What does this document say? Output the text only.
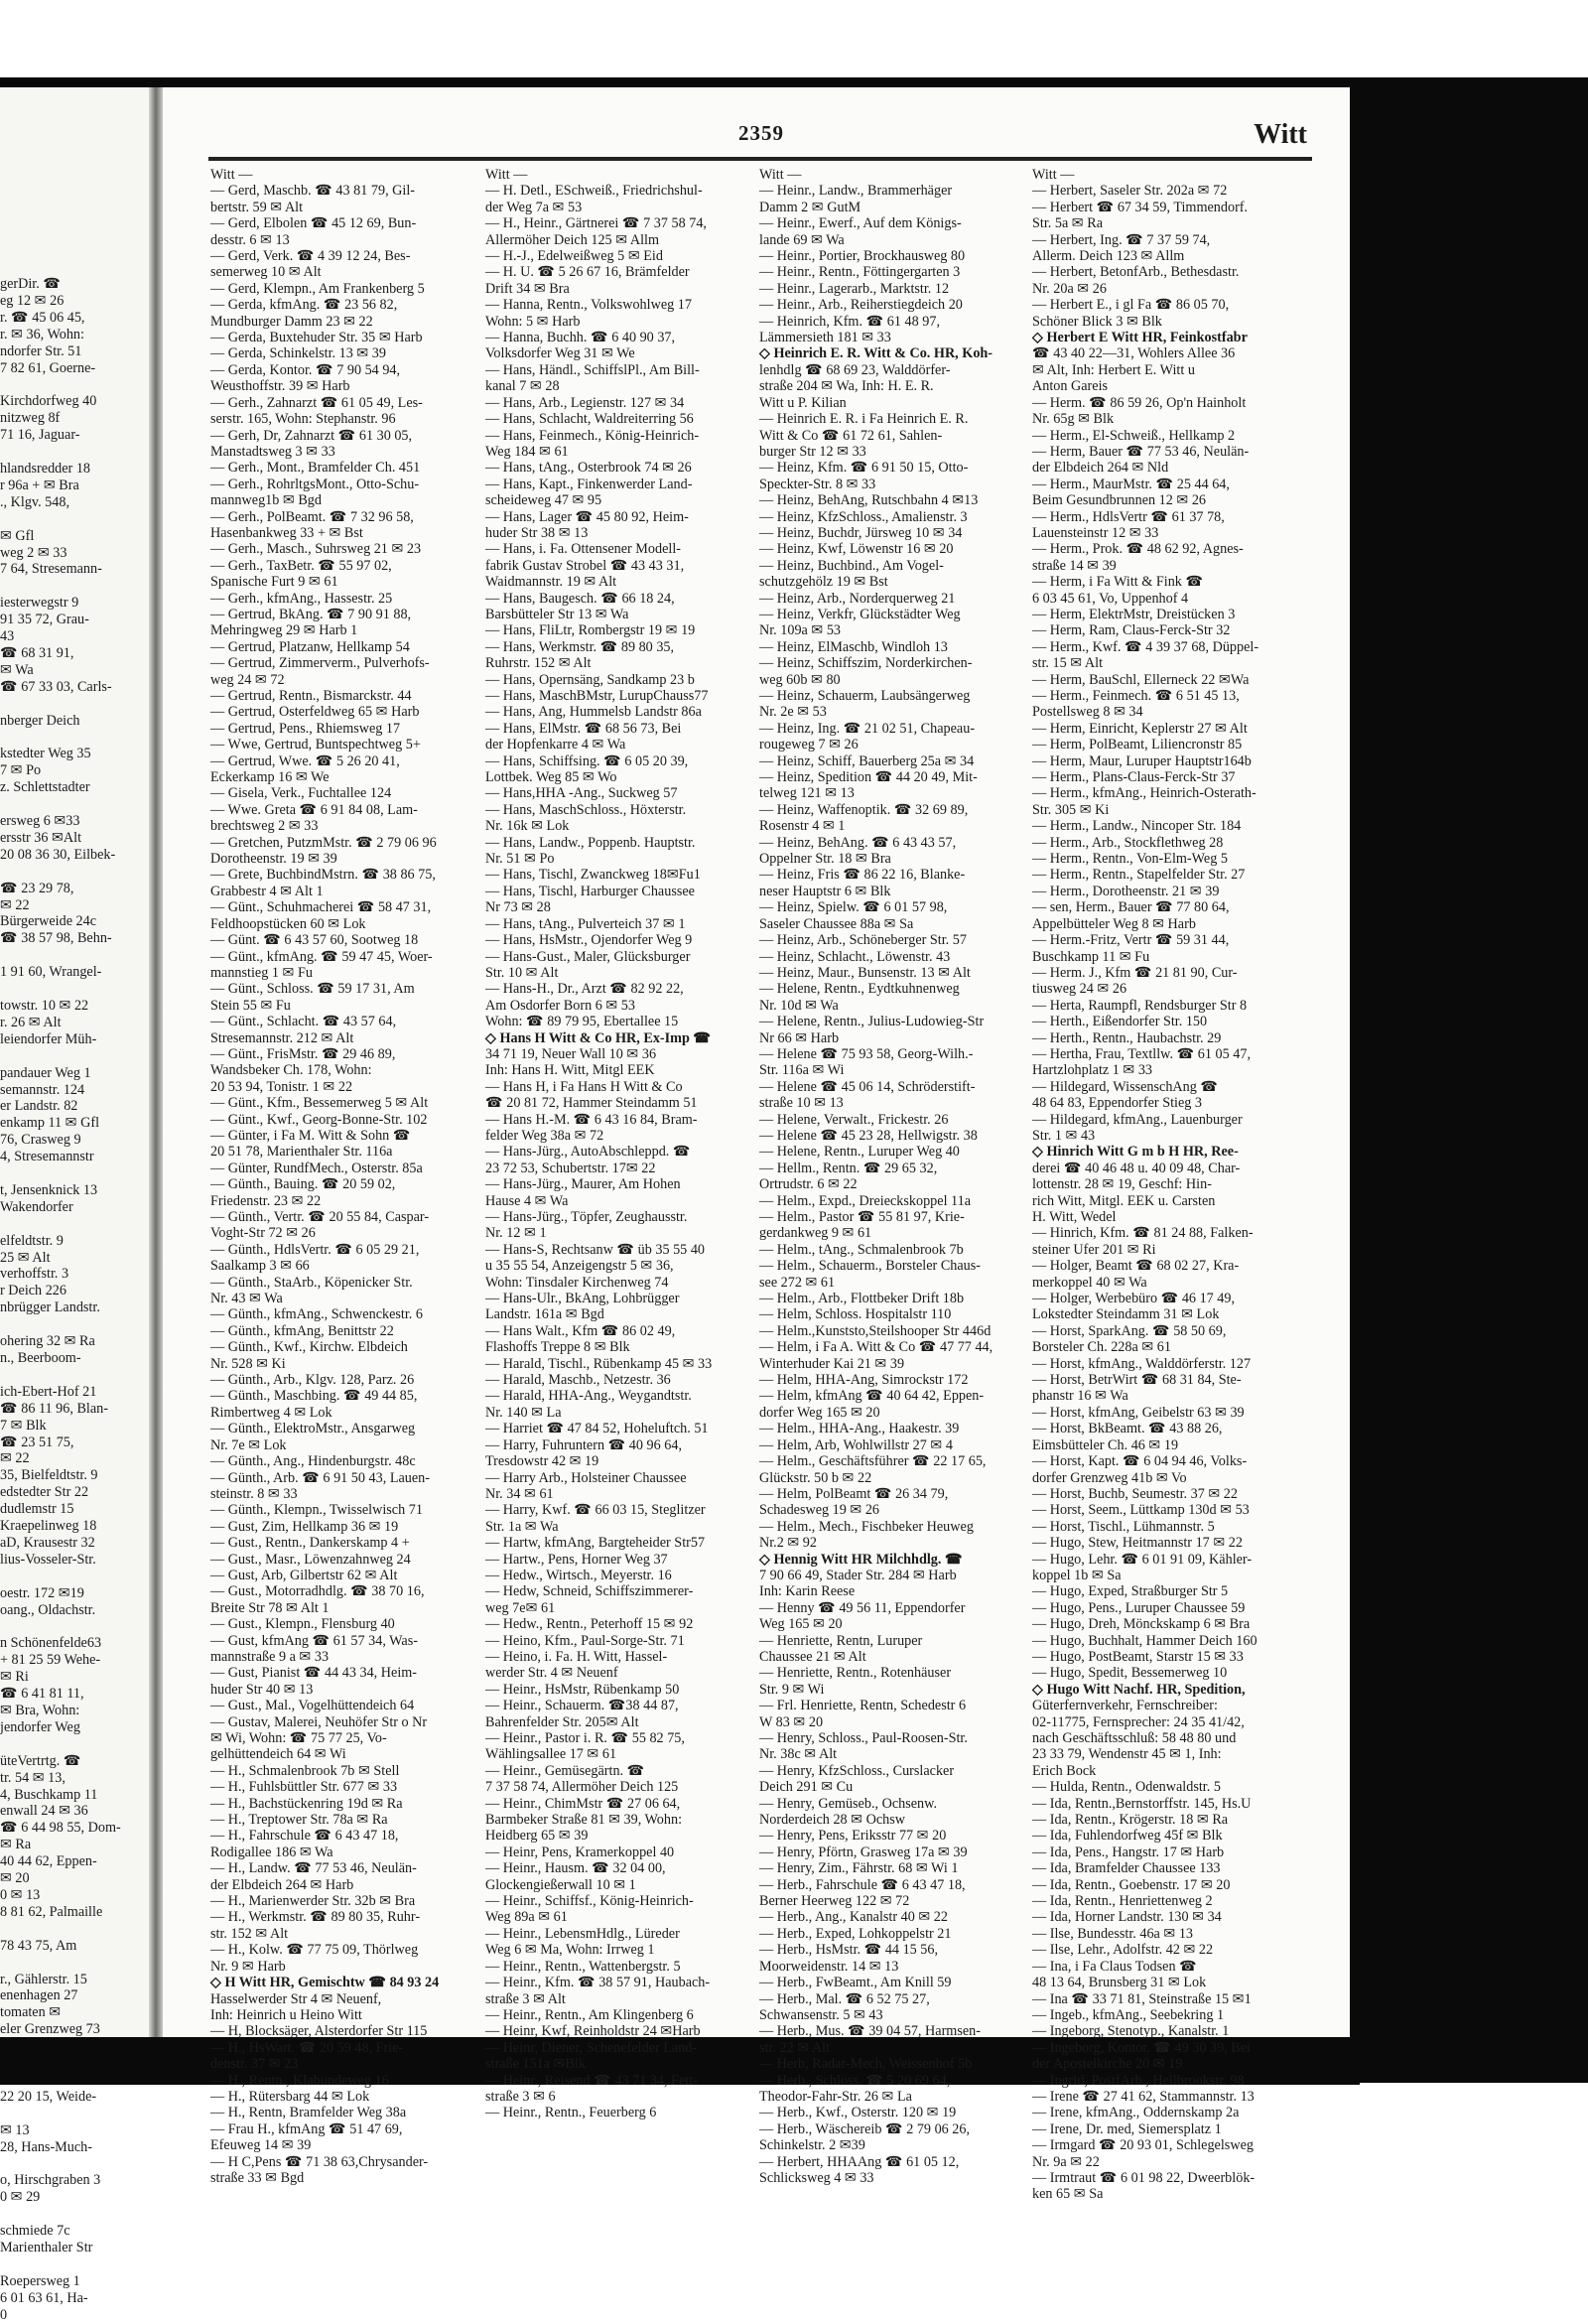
gerDir. ☎
eg 12 ✉ 26
r. ☎ 45 06 45,
r. ✉ 36, Wohn:
ndorfer Str. 51
7 82 61, Goerne-

Kirchdorfweg 40
nitzweg 8f
71 16, Jaguar-

hlandsredder 18
r 96a + ✉ Bra
., Klgv. 548,

✉ Gfl
weg 2 ✉ 33
7 64, Stresemann-

iesterwegstr 9
91 35 72, Grau-
43
☎ 68 31 91,
✉ Wa
☎ 67 33 03, Carls-

nberger Deich

kstedter Weg 35
7 ✉ Po
z. Schlettstadter

ersweg 6 ✉33
ersstr 36 ✉Alt
20 08 36 30, Eilbek-

☎ 23 29 78,
✉ 22
Bürgerweide 24c
☎ 38 57 98, Behn-

1 91 60, Wrangel-

towstr. 10 ✉ 22
r. 26 ✉ Alt
leiendorfer Müh-

pandauer Weg 1
semannstr. 124
er Landstr. 82
enkamp 11 ✉ Gfl
76, Crasweg 9
4, Stresemannstr

t, Jensenknick 13
Wakendorfer

elfeldtstr. 9
25 ✉ Alt
verhoffstr. 3
r Deich 226
nbrügger Landstr.

ohering 32 ✉ Ra
n., Beerboom-

ich-Ebert-Hof 21
☎ 86 11 96, Blan-
7 ✉ Blk
☎ 23 51 75,
✉ 22
35, Bielfeldtstr. 9
edstedter Str 22
dudlemstr 15
Kraepelinweg 18
aD, Krausestr 32
lius-Vosseler-Str.

oestr. 172 ✉19
oang., Oldachstr.

n Schönenfelde63
+ 81 25 59 Wehe-
✉ Ri
☎ 6 41 81 11,
✉ Bra, Wohn:
jendorfer Weg

üteVertrtg. ☎
tr. 54 ✉ 13,
4, Buschkamp 11
enwall 24 ✉ 36
☎ 6 44 98 55, Dom-
✉ Ra
40 44 62, Eppen-
✉ 20
0 ✉ 13
8 81 62, Palmaille

78 43 75, Am

r., Gählerstr. 15
enenhagen 27
tomaten ✉
eler Grenzweg 73
22 20 15, Weide-

✉ 13
28, Hans-Much-

o, Hirschgraben 3
0 ✉ 29

schmiede 7c
Marienthaler Str

Roepersweg 1
6 01 63 61, Ha-
0
2359	Witt
Witt —
— Gerd, Maschb. ☎ 43 81 79, Gil-
bertstr. 59 ✉ Alt
— Gerd, Elbolen ☎ 45 12 69, Bun-
desstr. 6 ✉ 13
— Gerd, Verk. ☎ 4 39 12 24, Bes-
semerweg 10 ✉ Alt
— Gerd, Klempn., Am Frankenberg 5
— Gerda, kfmAng. ☎ 23 56 82,
Mundburger Damm 23 ✉ 22
— Gerda, Buxtehuder Str. 35 ✉ Harb
— Gerda, Schinkelstr. 13 ✉ 39
— Gerda, Kontor. ☎ 7 90 54 94,
Weusthoffstr. 39 ✉ Harb
— Gerh., Zahnarzt ☎ 61 05 49, Les-
serstr. 165, Wohn: Stephanstr. 96
— Gerh, Dr, Zahnarzt ☎ 61 30 05,
Manstadtsweg 3 ✉ 33
— Gerh., Mont., Bramfelder Ch. 451
— Gerh., RohrltgsMont., Otto-Schu-
mannweg1b ✉ Bgd
— Gerh., PolBeamt. ☎ 7 32 96 58,
Hasenbankweg 33 + ✉ Bst
— Gerh., Masch., Suhrsweg 21 ✉ 23
— Gerh., TaxBetr. ☎ 55 97 02,
Spanische Furt 9 ✉ 61
— Gerh., kfmAng., Hassestr. 25
— Gertrud, BkAng. ☎ 7 90 91 88,
Mehringweg 29 ✉ Harb 1
— Gertrud, Platzanw, Hellkamp 54
— Gertrud, Zimmerverm., Pulverhofs-
weg 24 ✉ 72
— Gertrud, Rentn., Bismarckstr. 44
— Gertrud, Osterfeldweg 65 ✉ Harb
— Gertrud, Pens., Rhiemsweg 17
— Wwe, Gertrud, Buntspechtweg 5+
— Gertrud, Wwe. ☎ 5 26 20 41,
Eckerkamp 16 ✉ We
— Gisela, Verk., Fuchtallee 124
— Wwe. Greta ☎ 6 91 84 08, Lam-
brechtsweg 2 ✉ 33
— Gretchen, PutzmMstr. ☎ 2 79 06 96
Dorotheenstr. 19 ✉ 39
— Grete, BuchbindMstrn. ☎ 38 86 75,
Grabbestr 4 ✉ Alt 1
— Günt., Schuhmacherei ☎ 58 47 31,
Feldhoopstücken 60 ✉ Lok
— Günt. ☎ 6 43 57 60, Sootweg 18
— Günt., kfmAng. ☎ 59 47 45, Woer-
mannstieg 1 ✉ Fu
— Günt., Schloss. ☎ 59 17 31, Am
Stein 55 ✉ Fu
— Günt., Schlacht. ☎ 43 57 64,
Stresemannstr. 212 ✉ Alt
— Günt., FrisMstr. ☎ 29 46 89,
Wandsbeker Ch. 178, Wohn:
20 53 94, Tonistr. 1 ✉ 22
— Günt., Kfm., Bessemerweg 5 ✉ Alt
— Günt., Kwf., Georg-Bonne-Str. 102
— Günter, i Fa M. Witt & Sohn ☎
20 51 78, Marienthaler Str. 116a
— Günter, RundfMech., Osterstr. 85a
— Günth., Bauing. ☎ 20 59 02,
Friedenstr. 23 ✉ 22
— Günth., Vertr. ☎ 20 55 84, Caspar-
Voght-Str 72 ✉ 26
— Günth., HdlsVertr. ☎ 6 05 29 21,
Saalkamp 3 ✉ 66
— Günth., StaArb., Köpenicker Str.
Nr. 43 ✉ Wa
— Günth., kfmAng., Schwenckestr. 6
— Günth., kfmAng, Benittstr 22
— Günth., Kwf., Kirchw. Elbdeich
Nr. 528 ✉ Ki
— Günth., Arb., Klgv. 128, Parz. 26
— Günth., Maschbing. ☎ 49 44 85,
Rimbertweg 4 ✉ Lok
— Günth., ElektroMstr., Ansgarweg
Nr. 7e ✉ Lok
— Günth., Ang., Hindenburgstr. 48c
— Günth., Arb. ☎ 6 91 50 43, Lauen-
steinstr. 8 ✉ 33
— Günth., Klempn., Twisselwisch 71
— Gust, Zim, Hellkamp 36 ✉ 19
— Gust., Rentn., Dankerskamp 4 +
— Gust., Masr., Löwenzahnweg 24
— Gust, Arb, Gilbertstr 62 ✉ Alt
— Gust., Motorradhdlg. ☎ 38 70 16,
Breite Str 78 ✉ Alt 1
— Gust., Klempn., Flensburg 40
— Gust, kfmAng ☎ 61 57 34, Was-
mannstraße 9 a ✉ 33
— Gust, Pianist ☎ 44 43 34, Heim-
huder Str 40 ✉ 13
— Gust., Mal., Vogelhüttendeich 64
— Gustav, Malerei, Neuhöfer Str o Nr
✉ Wi, Wohn: ☎ 75 77 25, Vo-
gelhüttendeich 64 ✉ Wi
— H., Schmalenbrook 7b ✉ Stell
— H., Fuhlsbüttler Str. 677 ✉ 33
— H., Bachstückenring 19d ✉ Ra
— H., Treptower Str. 78a ✉ Ra
— H., Fahrschule ☎ 6 43 47 18,
Rodigallee 186 ✉ Wa
— H., Landw. ☎ 77 53 46, Neulän-
der Elbdeich 264 ✉ Harb
— H., Marienwerder Str. 32b ✉ Bra
— H., Werkmstr. ☎ 89 80 35, Ruhr-
str. 152 ✉ Alt
— H., Kolw. ☎ 77 75 09, Thörlweg
Nr. 9 ✉ Harb
◇ H Witt HR, Gemischtw ☎ 84 93 24
Hasselwerder Str 4 ✉ Neuenf,
Inh: Heinrich u Heino Witt
— H, Blocksäger, Alsterdorfer Str 115
— H., HsWart. ☎ 20 59 48, Frie-
denstr. 37 ✉ 23
— H., Rentn., Klabundeweg 16
— H., Rütersbarg 44 ✉ Lok
— H., Rentn, Bramfelder Weg 38a
— Frau H., kfmAng ☎ 51 47 69,
Efeuweg 14 ✉ 39
— H C,Pens ☎ 71 38 63,Chrysander-
straße 33 ✉ Bgd
Witt —
— H. Detl., ESchweiß., Friedrichshul-
der Weg 7a ✉ 53
— H., Heinr., Gärtnerei ☎ 7 37 58 74,
Allermöher Deich 125 ✉ Allm
— H.-J., Edelweißweg 5 ✉ Eid
— H. U. ☎ 5 26 67 16, Brämfelder
Drift 34 ✉ Bra
— Hanna, Rentn., Volkswohlweg 17
Wohn: 5 ✉ Harb
— Hanna, Buchh. ☎ 6 40 90 37,
Volksdorfer Weg 31 ✉ We
— Hans, Händl., SchiffslPl., Am Bill-
kanal 7 ✉ 28
— Hans, Arb., Legienstr. 127 ✉ 34
— Hans, Schlacht, Waldreiterring 56
— Hans, Feinmech., König-Heinrich-
Weg 184 ✉ 61
— Hans, tAng., Osterbrook 74 ✉ 26
— Hans, Kapt., Finkenwerder Land-
scheideweg 47 ✉ 95
— Hans, Lager ☎ 45 80 92, Heim-
huder Str 38 ✉ 13
— Hans, i. Fa. Ottensener Modell-
fabrik Gustav Strobel ☎ 43 43 31,
Waidmannstr. 19 ✉ Alt
— Hans, Baugesch. ☎ 66 18 24,
Barsbütteler Str 13 ✉ Wa
— Hans, FliLtr, Rombergstr 19 ✉ 19
— Hans, Werkmstr. ☎ 89 80 35,
Ruhrstr. 152 ✉ Alt
— Hans, Opernsäng, Sandkamp 23 b
— Hans, MaschBMstr, LurupChauss77
— Hans, Ang, Hummelsb Landstr 86a
— Hans, ElMstr. ☎ 68 56 73, Bei
der Hopfenkarre 4 ✉ Wa
— Hans, Schiffsing. ☎ 6 05 20 39,
Lottbek. Weg 85 ✉ Wo
— Hans,HHA -Ang., Suckweg 57
— Hans, MaschSchloss., Höxterstr.
Nr. 16k ✉ Lok
— Hans, Landw., Poppenb. Hauptstr.
Nr. 51 ✉ Po
— Hans, Tischl, Zwanckweg 18✉Fu1
— Hans, Tischl, Harburger Chaussee
Nr 73 ✉ 28
— Hans, tAng., Pulverteich 37 ✉ 1
— Hans, HsMstr., Ojendorfer Weg 9
— Hans-Gust., Maler, Glücksburger
Str. 10 ✉ Alt
— Hans-H., Dr., Arzt ☎ 82 92 22,
Am Osdorfer Born 6 ✉ 53
Wohn: ☎ 89 79 95, Ebertallee 15
◇ Hans H Witt & Co HR, Ex-Imp ☎
34 71 19, Neuer Wall 10 ✉ 36
Inh: Hans H. Witt, Mitgl EEK
— Hans H, i Fa Hans H Witt & Co
☎ 20 81 72, Hammer Steindamm 51
— Hans H.-M. ☎ 6 43 16 84, Bram-
felder Weg 38a ✉ 72
— Hans-Jürg., AutoAbschleppd. ☎
23 72 53, Schubertstr. 17✉ 22
— Hans-Jürg., Maurer, Am Hohen
Hause 4 ✉ Wa
— Hans-Jürg., Töpfer, Zeughausstr.
Nr. 12 ✉ 1
— Hans-S, Rechtsanw ☎ üb 35 55 40
u 35 55 54, Anzeigengstr 5 ✉ 36,
Wohn: Tinsdaler Kirchenweg 74
— Hans-Ulr., BkAng, Lohbrügger
Landstr. 161a ✉ Bgd
— Hans Walt., Kfm ☎ 86 02 49,
Flashoffs Treppe 8 ✉ Blk
— Harald, Tischl., Rübenkamp 45 ✉ 33
— Harald, Maschb., Netzestr. 36
— Harald, HHA-Ang., Weygandtstr.
Nr. 140 ✉ La
— Harriet ☎ 47 84 52, Hoheluftch. 51
— Harry, Fuhruntern ☎ 40 96 64,
Tresdowstr 42 ✉ 19
— Harry Arb., Holsteiner Chaussee
Nr. 34 ✉ 61
— Harry, Kwf. ☎ 66 03 15, Steglitzer
Str. 1a ✉ Wa
— Hartw, kfmAng, Bargteheider Str57
— Hartw., Pens, Horner Weg 37
— Hedw., Wirtsch., Meyerstr. 16
— Hedw, Schneid, Schiffszimmerer-
weg 7e✉ 61
— Hedw., Rentn., Peterhoff 15 ✉ 92
— Heino, Kfm., Paul-Sorge-Str. 71
— Heino, i. Fa. H. Witt, Hassel-
werder Str. 4 ✉ Neuenf
— Heinr., HsMstr, Rübenkamp 50
— Heinr., Schauerm. ☎38 44 87,
Bahrenfelder Str. 205✉ Alt
— Heinr., Pastor i. R. ☎ 55 82 75,
Wählingsallee 17 ✉ 61
— Heinr., Gemüsegärtn. ☎
7 37 58 74, Allermöher Deich 125
— Heinr., ChimMstr ☎ 27 06 64,
Barmbeker Straße 81 ✉ 39, Wohn:
Heidberg 65 ✉ 39
— Heinr, Pens, Kramerkoppel 40
— Heinr., Hausm. ☎ 32 04 00,
Glockengießerwall 10 ✉ 1
— Heinr., Schiffsf., König-Heinrich-
Weg 89a ✉ 61
— Heinr., LebensmHdlg., Lüreder
Weg 6 ✉ Ma, Wohn: Irrweg 1
— Heinr., Rentn., Wattenbergstr. 5
— Heinr., Kfm. ☎ 38 57 91, Haubach-
straße 3 ✉ Alt
— Heinr., Rentn., Am Klingenberg 6
— Heinr, Kwf, Reinholdstr 24 ✉Harb
— Heinr, Diener, Schenefelder Land-
straße 151a ✉Blk
— Heinr., Reisend ☎ 43 71 34, Fett-
straße 3 ✉ 6
— Heinr., Rentn., Feuerberg 6
Witt —
— Heinr., Landw., Brammerhäger
Damm 2 ✉ GutM
— Heinr., Ewerf., Auf dem Königs-
lande 69 ✉ Wa
— Heinr., Portier, Brockhausweg 80
— Heinr., Rentn., Föttingergarten 3
— Heinr., Lagerarb., Marktstr. 12
— Heinr., Arb., Reiherstiegdeich 20
— Heinrich, Kfm. ☎ 61 48 97,
Lämmersieth 181 ✉ 33
◇ Heinrich E. R. Witt & Co. HR, Koh-
lenhdlg ☎ 68 69 23, Walddörfer-
straße 204 ✉ Wa, Inh: H. E. R.
Witt u P. Kilian
— Heinrich E. R. i Fa Heinrich E. R.
Witt & Co ☎ 61 72 61, Sahlen-
burger Str 12 ✉ 33
— Heinz, Kfm. ☎ 6 91 50 15, Otto-
Speckter-Str. 8 ✉ 33
— Heinz, BehAng, Rutschbahn 4 ✉13
— Heinz, KfzSchloss., Amalienstr. 3
— Heinz, Buchdr, Jürsweg 10 ✉ 34
— Heinz, Kwf, Löwenstr 16 ✉ 20
— Heinz, Buchbind., Am Vogel-
schutzgehölz 19 ✉ Bst
— Heinz, Arb., Norderquerweg 21
— Heinz, Verkfr, Glückstädter Weg
Nr. 109a ✉ 53
— Heinz, ElMaschb, Windloh 13
— Heinz, Schiffszim, Norderkirchen-
weg 60b ✉ 80
— Heinz, Schauerm, Laubsängerweg
Nr. 2e ✉ 53
— Heinz, Ing. ☎ 21 02 51, Chapeau-
rougeweg 7 ✉ 26
— Heinz, Schiff, Bauerberg 25a ✉ 34
— Heinz, Spedition ☎ 44 20 49, Mit-
telweg 121 ✉ 13
— Heinz, Waffenoptik. ☎ 32 69 89,
Rosenstr 4 ✉ 1
— Heinz, BehAng. ☎ 6 43 43 57,
Oppelner Str. 18 ✉ Bra
— Heinz, Fris ☎ 86 22 16, Blanke-
neser Hauptstr 6 ✉ Blk
— Heinz, Spielw. ☎ 6 01 57 98,
Saseler Chaussee 88a ✉ Sa
— Heinz, Arb., Schöneberger Str. 57
— Heinz, Schlacht., Löwenstr. 43
— Heinz, Maur., Bunsenstr. 13 ✉ Alt
— Helene, Rentn., Eydtkuhnenweg
Nr. 10d ✉ Wa
— Helene, Rentn., Julius-Ludowieg-Str
Nr 66 ✉ Harb
— Helene ☎ 75 93 58, Georg-Wilh.-
Str. 116a ✉ Wi
— Helene ☎ 45 06 14, Schröderstift-
straße 10 ✉ 13
— Helene, Verwalt., Frickestr. 26
— Helene ☎ 45 23 28, Hellwigstr. 38
— Helene, Rentn., Luruper Weg 40
— Hellm., Rentn. ☎ 29 65 32,
Ortrudstr. 6 ✉ 22
— Helm., Expd., Dreieckskoppel 11a
— Helm., Pastor ☎ 55 81 97, Krie-
gerdankweg 9 ✉ 61
— Helm., tAng., Schmalenbrook 7b
— Helm., Schauerm., Borsteler Chaus-
see 272 ✉ 61
— Helm., Arb., Flottbeker Drift 18b
— Helm, Schloss. Hospitalstr 110
— Helm.,Kunststo,Steilshooper Str 446d
— Helm, i Fa A. Witt & Co ☎ 47 77 44,
Winterhuder Kai 21 ✉ 39
— Helm, HHA-Ang, Simrockstr 172
— Helm, kfmAng ☎ 40 64 42, Eppen-
dorfer Weg 165 ✉ 20
— Helm., HHA-Ang., Haakestr. 39
— Helm, Arb, Wohlwillstr 27 ✉ 4
— Helm., Geschäftsführer ☎ 22 17 65,
Glückstr. 50 b ✉ 22
— Helm, PolBeamt ☎ 26 34 79,
Schadesweg 19 ✉ 26
— Helm., Mech., Fischbeker Heuweg
Nr.2 ✉ 92
◇ Hennig Witt HR Milchhdlg. ☎
7 90 66 49, Stader Str. 284 ✉ Harb
Inh: Karin Reese
— Henny ☎ 49 56 11, Eppendorfer
Weg 165 ✉ 20
— Henriette, Rentn, Luruper
Chaussee 21 ✉ Alt
— Henriette, Rentn., Rotenhäuser
Str. 9 ✉ Wi
— Frl. Henriette, Rentn, Schedestr 6
W 83 ✉ 20
— Henry, Schloss., Paul-Roosen-Str.
Nr. 38c ✉ Alt
— Henry, KfzSchloss., Curslacker
Deich 291 ✉ Cu
— Henry, Gemüseb., Ochsenw.
Norderdeich 28 ✉ Ochsw
— Henry, Pens, Eriksstr 77 ✉ 20
— Henry, Pförtn, Grasweg 17a ✉ 39
— Henry, Zim., Fährstr. 68 ✉ Wi 1
— Herb., Fahrschule ☎ 6 43 47 18,
Berner Heerweg 122 ✉ 72
— Herb., Ang., Kanalstr 40 ✉ 22
— Herb., Exped, Lohkoppelstr 21
— Herb., HsMstr. ☎ 44 15 56,
Moorweidenstr. 14 ✉ 13
— Herb., FwBeamt., Am Knill 59
— Herb., Mal. ☎ 6 52 75 27,
Schwansenstr. 5 ✉ 43
— Herb., Mus. ☎ 39 04 57, Harmsen-
str. 22 ✉ Alt
— Herb, Radar-Mech, Weissenhof 5b
— Herb., Schloss. ☎ 5 20 69 64,
Theodor-Fahr-Str. 26 ✉ La
— Herb., Kwf., Osterstr. 120 ✉ 19
— Herb., Wäschereib ☎ 2 79 06 26,
Schinkelstr. 2 ✉39
— Herbert, HHAAng ☎ 61 05 12,
Schlicksweg 4 ✉ 33
Witt —
— Herbert, Saseler Str. 202a ✉ 72
— Herbert ☎ 67 34 59, Timmendorf.
Str. 5a ✉ Ra
— Herbert, Ing. ☎ 7 37 59 74,
Allerm. Deich 123 ✉ Allm
— Herbert, BetonfArb., Bethesdastr.
Nr. 20a ✉ 26
— Herbert E., i gl Fa ☎ 86 05 70,
Schöner Blick 3 ✉ Blk
◇ Herbert E Witt HR, Feinkostfabr
☎ 43 40 22—31, Wohlers Allee 36
✉ Alt, Inh: Herbert E. Witt u
Anton Gareis
— Herm. ☎ 86 59 26, Op'n Hainholt
Nr. 65g ✉ Blk
— Herm., El-Schweiß., Hellkamp 2
— Herm, Bauer ☎ 77 53 46, Neulän-
der Elbdeich 264 ✉ Nld
— Herm., MaurMstr. ☎ 25 44 64,
Beim Gesundbrunnen 12 ✉ 26
— Herm., HdlsVertr ☎ 61 37 78,
Lauensteinstr 12 ✉ 33
— Herm., Prok. ☎ 48 62 92, Agnes-
straße 14 ✉ 39
— Herm, i Fa Witt & Fink ☎
6 03 45 61, Vo, Uppenhof 4
— Herm, ElektrMstr, Dreistücken 3
— Herm, Ram, Claus-Ferck-Str 32
— Herm., Kwf. ☎ 4 39 37 68, Düppel-
str. 15 ✉ Alt
— Herm, BauSchl, Ellerneck 22 ✉Wa
— Herm., Feinmech. ☎ 6 51 45 13,
Postellsweg 8 ✉ 34
— Herm, Einricht, Keplerstr 27 ✉ Alt
— Herm, PolBeamt, Liliencronstr 85
— Herm, Maur, Luruper Hauptstr164b
— Herm., Plans-Claus-Ferck-Str 37
— Herm., kfmAng., Heinrich-Osterath-
Str. 305 ✉ Ki
— Herm., Landw., Nincoper Str. 184
— Herm., Arb., Stockflethweg 28
— Herm., Rentn., Von-Elm-Weg 5
— Herm., Rentn., Stapelfelder Str. 27
— Herm., Dorotheenstr. 21 ✉ 39
— sen, Herm., Bauer ☎ 77 80 64,
Appelbütteler Weg 8 ✉ Harb
— Herm.-Fritz, Vertr ☎ 59 31 44,
Buschkamp 11 ✉ Fu
— Herm. J., Kfm ☎ 21 81 90, Cur-
tiusweg 24 ✉ 26
— Herta, Raumpfl, Rendsburger Str 8
— Herth., Eißendorfer Str. 150
— Herth., Rentn., Haubachstr. 29
— Hertha, Frau, Textllw. ☎ 61 05 47,
Hartzlohplatz 1 ✉ 33
— Hildegard, WissenschAng ☎
48 64 83, Eppendorfer Stieg 3
— Hildegard, kfmAng., Lauenburger
Str. 1 ✉ 43
◇ Hinrich Witt G m b H HR, Ree-
derei ☎ 40 46 48 u. 40 09 48, Char-
lottenstr. 28 ✉ 19, Geschf: Hin-
rich Witt, Mitgl. EEK u. Carsten
H. Witt, Wedel
— Hinrich, Kfm. ☎ 81 24 88, Falken-
steiner Ufer 201 ✉ Ri
— Holger, Beamt ☎ 68 02 27, Kra-
merkoppel 40 ✉ Wa
— Holger, Werbebüro ☎ 46 17 49,
Lokstedter Steindamm 31 ✉ Lok
— Horst, SparkAng. ☎ 58 50 69,
Borsteler Ch. 228a ✉ 61
— Horst, kfmAng., Walddörferstr. 127
— Horst, BetrWirt ☎ 68 31 84, Ste-
phanstr 16 ✉ Wa
— Horst, kfmAng, Geibelstr 63 ✉ 39
— Horst, BkBeamt. ☎ 43 88 26,
Eimsbütteler Ch. 46 ✉ 19
— Horst, Kapt. ☎ 6 04 94 46, Volks-
dorfer Grenzweg 41b ✉ Vo
— Horst, Buchb, Seumestr. 37 ✉ 22
— Horst, Seem., Lüttkamp 130d ✉ 53
— Horst, Tischl., Lühmannstr. 5
— Hugo, Stew, Heitmannstr 17 ✉ 22
— Hugo, Lehr. ☎ 6 01 91 09, Kähler-
koppel 1b ✉ Sa
— Hugo, Exped, Straßburger Str 5
— Hugo, Pens., Luruper Chaussee 59
— Hugo, Dreh, Mönckskamp 6 ✉ Bra
— Hugo, Buchhalt, Hammer Deich 160
— Hugo, PostBeamt, Starstr 15 ✉ 33
— Hugo, Spedit, Bessemerweg 10
◇ Hugo Witt Nachf. HR, Spedition,
Güterfernverkehr, Fernschreiber:
02-11775, Fernsprecher: 24 35 41/42,
nach Geschäftsschluß: 58 48 80 und
23 33 79, Wendenstr 45 ✉ 1, Inh:
Erich Bock
— Hulda, Rentn., Odenwaldstr. 5
— Ida, Rentn.,Bernstorffstr. 145, Hs.U
— Ida, Rentn., Krögerstr. 18 ✉ Ra
— Ida, Fuhlendorfweg 45f ✉ Blk
— Ida, Pens., Hangstr. 17 ✉ Harb
— Ida, Bramfelder Chaussee 133
— Ida, Rentn., Goebenstr. 17 ✉ 20
— Ida, Rentn., Henriettenweg 2
— Ida, Horner Landstr. 130 ✉ 34
— Ilse, Bundesstr. 46a ✉ 13
— Ilse, Lehr., Adolfstr. 42 ✉ 22
— Ina, i Fa Claus Todsen ☎
48 13 64, Brunsberg 31 ✉ Lok
— Ina ☎ 33 71 81, Steinstraße 15 ✉1
— Ingeb., kfmAng., Seebekring 1
— Ingeborg, Stenotyp., Kanalstr. 1
— Ingeborg, Kontor. ☎ 49 30 39, Bei
der Apostelkirche 20 ✉ 19
— Ingrid, PostfArb., Hellbrookstr. 98
— Irene ☎ 27 41 62, Stammannstr. 13
— Irene, kfmAng., Oddernskamp 2a
— Irene, Dr. med, Siemersplatz 1
— Irmgard ☎ 20 93 01, Schlegelsweg
Nr. 9a ✉ 22
— Irmtraut ☎ 6 01 98 22, Dweerblök-
ken 65 ✉ Sa
